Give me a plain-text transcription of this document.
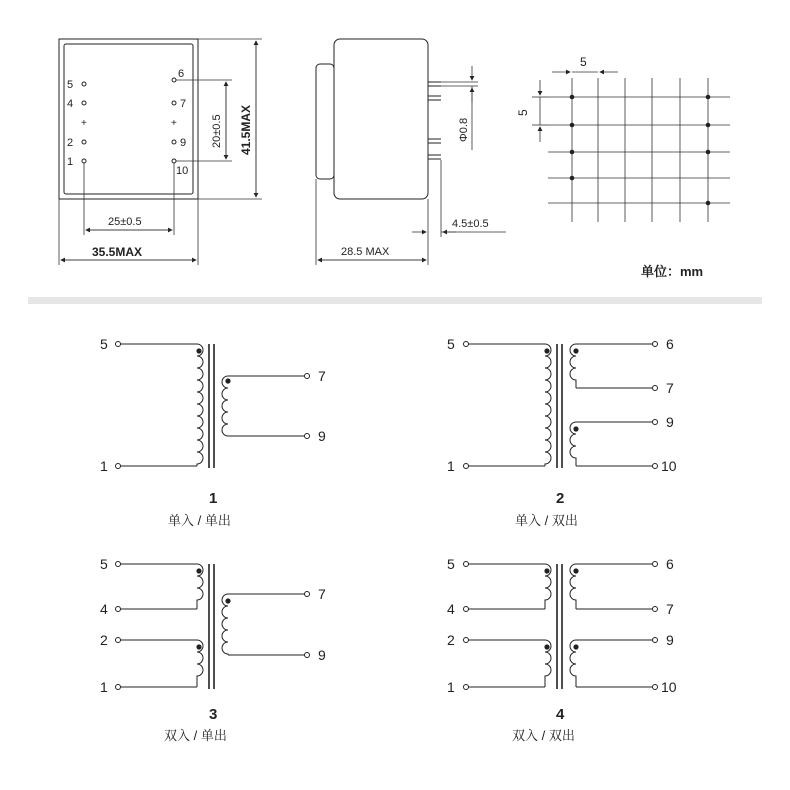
5
4
+
2
1
6
7
+
9
10
25±0.5
35.5MAX
20±0.5 41.5MAX	Φ0.8
4.5±0.5
28.5 MAX
5
5
单位：mm
5
1
7
9
1
单入 / 单出
5
1
6
7
9
10
2
单入 / 双出
5
4
2
1
7
9
3
双入 / 单出
5
4
2
1
6
7
9
10
4
双入 / 双出
